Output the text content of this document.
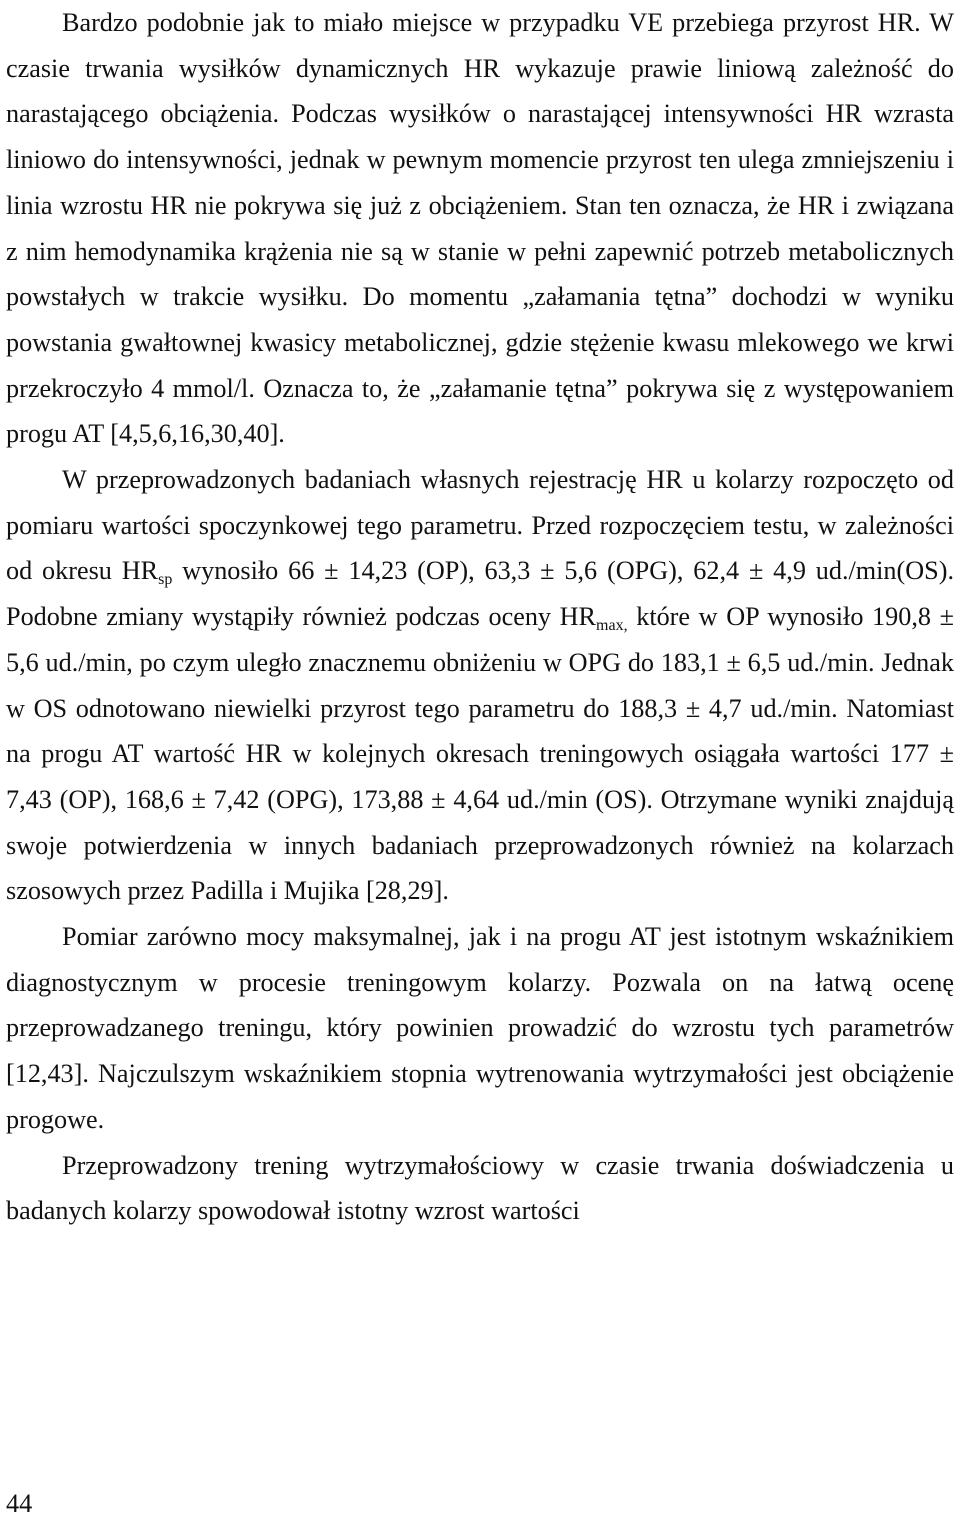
Bardzo podobnie jak to miało miejsce w przypadku VE przebiega przyrost HR. W czasie trwania wysiłków dynamicznych HR wykazuje prawie liniową zależność do narastającego obciążenia. Podczas wysiłków o narastającej intensywności HR wzrasta liniowo do intensywności, jednak w pewnym momencie przyrost ten ulega zmniejszeniu i linia wzrostu HR nie pokrywa się już z obciążeniem. Stan ten oznacza, że HR i związana z nim hemodynamika krążenia nie są w stanie w pełni zapewnić potrzeb metabolicznych powstałych w trakcie wysiłku. Do momentu „załamania tętna” dochodzi w wyniku powstania gwałtownej kwasicy metabolicznej, gdzie stężenie kwasu mlekowego we krwi przekroczyło 4 mmol/l. Oznacza to, że „załamanie tętna” pokrywa się z występowaniem progu AT [4,5,6,16,30,40].

W przeprowadzonych badaniach własnych rejestrację HR u kolarzy rozpoczęto od pomiaru wartości spoczynkowej tego parametru. Przed rozpoczęciem testu, w zależności od okresu $HR_{sp}$ wynosiło 66 ± 14,23 (OP), 63,3 ± 5,6 (OPG), 62,4 ± 4,9 ud./min(OS). Podobne zmiany wystąpiły również podczas oceny $HR_{max,}$ które w OP wynosiło 190,8 ± 5,6 ud./min, po czym uległo znacznemu obniżeniu w OPG do 183,1 ± 6,5 ud./min. Jednak w OS odnotowano niewielki przyrost tego parametru do 188,3 ± 4,7 ud./min. Natomiast na progu AT wartość HR w kolejnych okresach treningowych osiągała wartości 177 ± 7,43 (OP), 168,6 ± 7,42 (OPG), 173,88 ± 4,64 ud./min (OS). Otrzymane wyniki znajdują swoje potwierdzenia w innych badaniach przeprowadzonych również na kolarzach szosowych przez Padilla i Mujika [28,29].

Pomiar zarówno mocy maksymalnej, jak i na progu AT jest istotnym wskaźnikiem diagnostycznym w procesie treningowym kolarzy. Pozwala on na łatwą ocenę przeprowadzanego treningu, który powinien prowadzić do wzrostu tych parametrów [12,43]. Najczulszym wskaźnikiem stopnia wytrenowania wytrzymałości jest obciążenie progowe.

Przeprowadzony trening wytrzymałościowy w czasie trwania doświadczenia u badanych kolarzy spowodował istotny wzrost wartości

44
